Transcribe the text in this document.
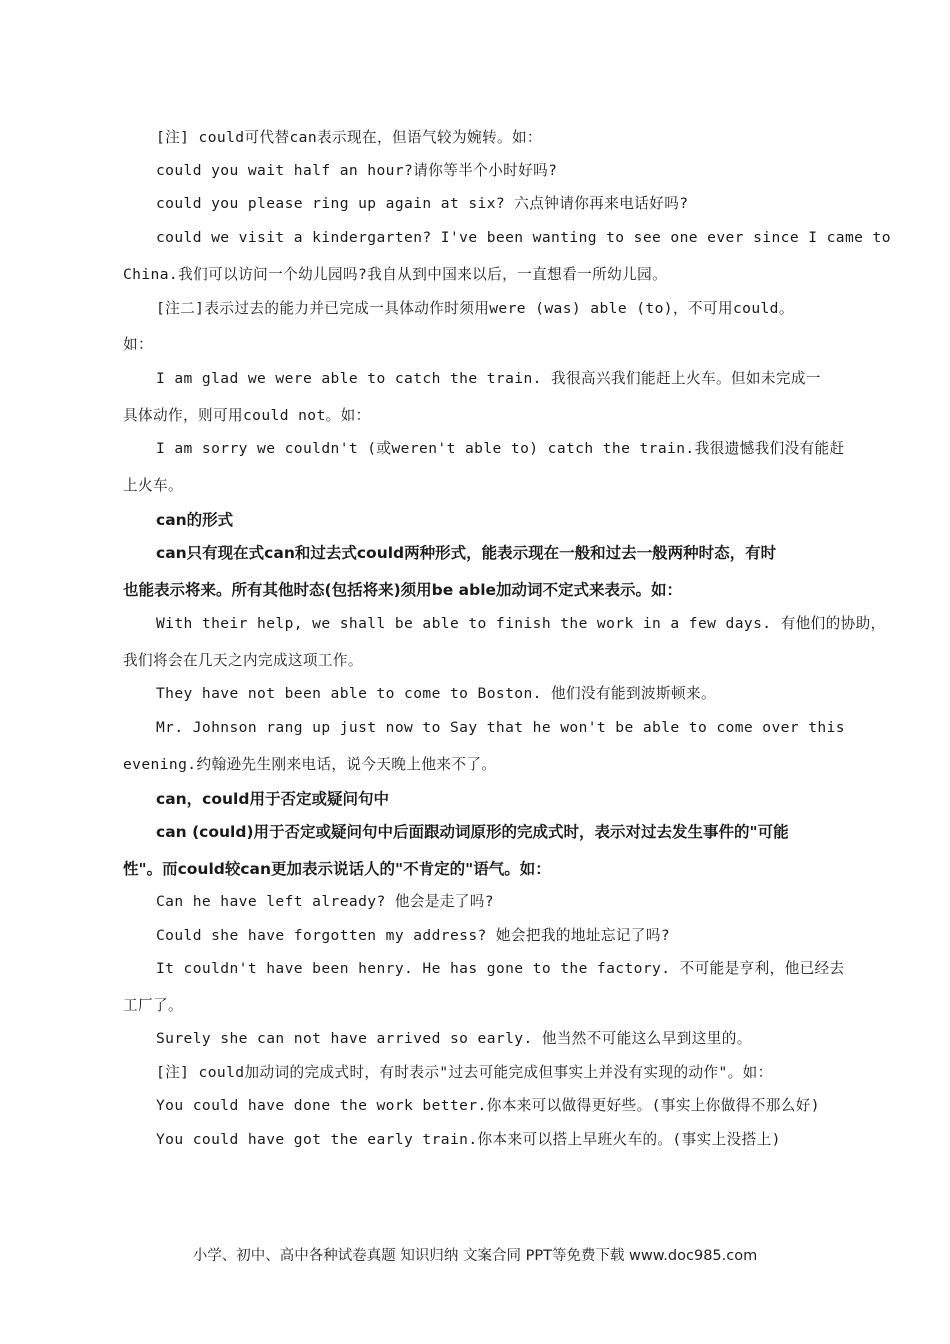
[注] could可代替can表示现在，但语气较为婉转。如：
could you wait half an hour?请你等半个小时好吗?
could you please ring up again at six? 六点钟请你再来电话好吗?
could we visit a kindergarten? I've been wanting to see one ever since I came to
China.我们可以访问一个幼儿园吗?我自从到中国来以后，一直想看一所幼儿园。
[注二]表示过去的能力并已完成一具体动作时须用were (was) able (to)，不可用could。
如：
I am glad we were able to catch the train. 我很高兴我们能赶上火车。但如未完成一
具体动作，则可用could not。如：
I am sorry we couldn't (或weren't able to) catch the train.我很遗憾我们没有能赶
上火车。
can的形式
can只有现在式can和过去式could两种形式，能表示现在一般和过去一般两种时态，有时
也能表示将来。所有其他时态(包括将来)须用be able加动词不定式来表示。如：
With their help, we shall be able to finish the work in a few days. 有他们的协助，
我们将会在几天之内完成这项工作。
They have not been able to come to Boston. 他们没有能到波斯顿来。
Mr. Johnson rang up just now to Say that he won't be able to come over this
evening.约翰逊先生刚来电话，说今天晚上他来不了。
can，could用于否定或疑问句中
can (could)用于否定或疑问句中后面跟动词原形的完成式时，表示对过去发生事件的"可能
性"。而could较can更加表示说话人的"不肯定的"语气。如：
Can he have left already? 他会是走了吗?
Could she have forgotten my address? 她会把我的地址忘记了吗?
It couldn't have been henry. He has gone to the factory. 不可能是亨利，他已经去
工厂了。
Surely she can not have arrived so early. 他当然不可能这么早到这里的。
[注] could加动词的完成式时，有时表示"过去可能完成但事实上并没有实现的动作"。如：
You could have done the work better.你本来可以做得更好些。(事实上你做得不那么好)
You could have got the early train.你本来可以搭上早班火车的。(事实上没搭上)
小学、初中、高中各种试卷真题 知识归纳 文案合同 PPT等免费下载 www.doc985.com
